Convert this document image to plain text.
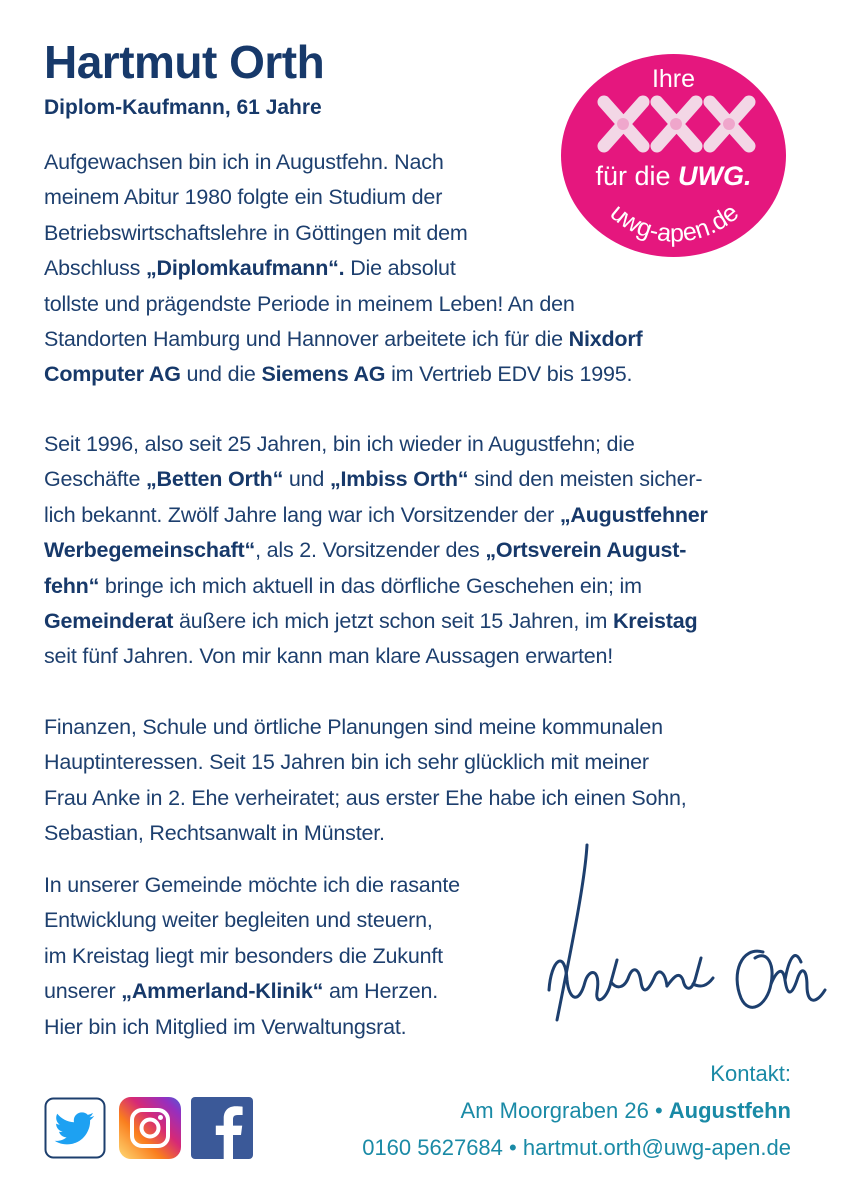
Hartmut Orth
Diplom-Kaufmann, 61 Jahre
uwg-apen.de
Ihre
für die UWG.
Aufgewachsen bin ich in Augustfehn. Nach
meinem Abitur 1980 folgte ein Studium der
Betriebswirtschaftslehre in Göttingen mit dem
Abschluss „Diplomkaufmann“. Die absolut
tollste und prägendste Periode in meinem Leben! An den
Standorten Hamburg und Hannover arbeitete ich für die Nixdorf
Computer AG und die Siemens AG im Vertrieb EDV bis 1995.
Seit 1996, also seit 25 Jahren, bin ich wieder in Augustfehn; die
Geschäfte „Betten Orth“ und „Imbiss Orth“ sind den meisten sicher-
lich bekannt. Zwölf Jahre lang war ich Vorsitzender der „Augustfehner
Werbegemeinschaft“, als 2. Vorsitzender des „Ortsverein August-
fehn“ bringe ich mich aktuell in das dörfliche Geschehen ein; im
Gemeinderat äußere ich mich jetzt schon seit 15 Jahren, im Kreistag
seit fünf Jahren. Von mir kann man klare Aussagen erwarten!
Finanzen, Schule und örtliche Planungen sind meine kommunalen
Hauptinteressen. Seit 15 Jahren bin ich sehr glücklich mit meiner
Frau Anke in 2. Ehe verheiratet; aus erster Ehe habe ich einen Sohn,
Sebastian, Rechtsanwalt in Münster.
In unserer Gemeinde möchte ich die rasante
Entwicklung weiter begleiten und steuern,
im Kreistag liegt mir besonders die Zukunft
unserer „Ammerland-Klinik“ am Herzen.
Hier bin ich Mitglied im Verwaltungsrat.
Kontakt:
Am Moorgraben 26 • Augustfehn
0160 5627684 • hartmut.orth@uwg-apen.de
